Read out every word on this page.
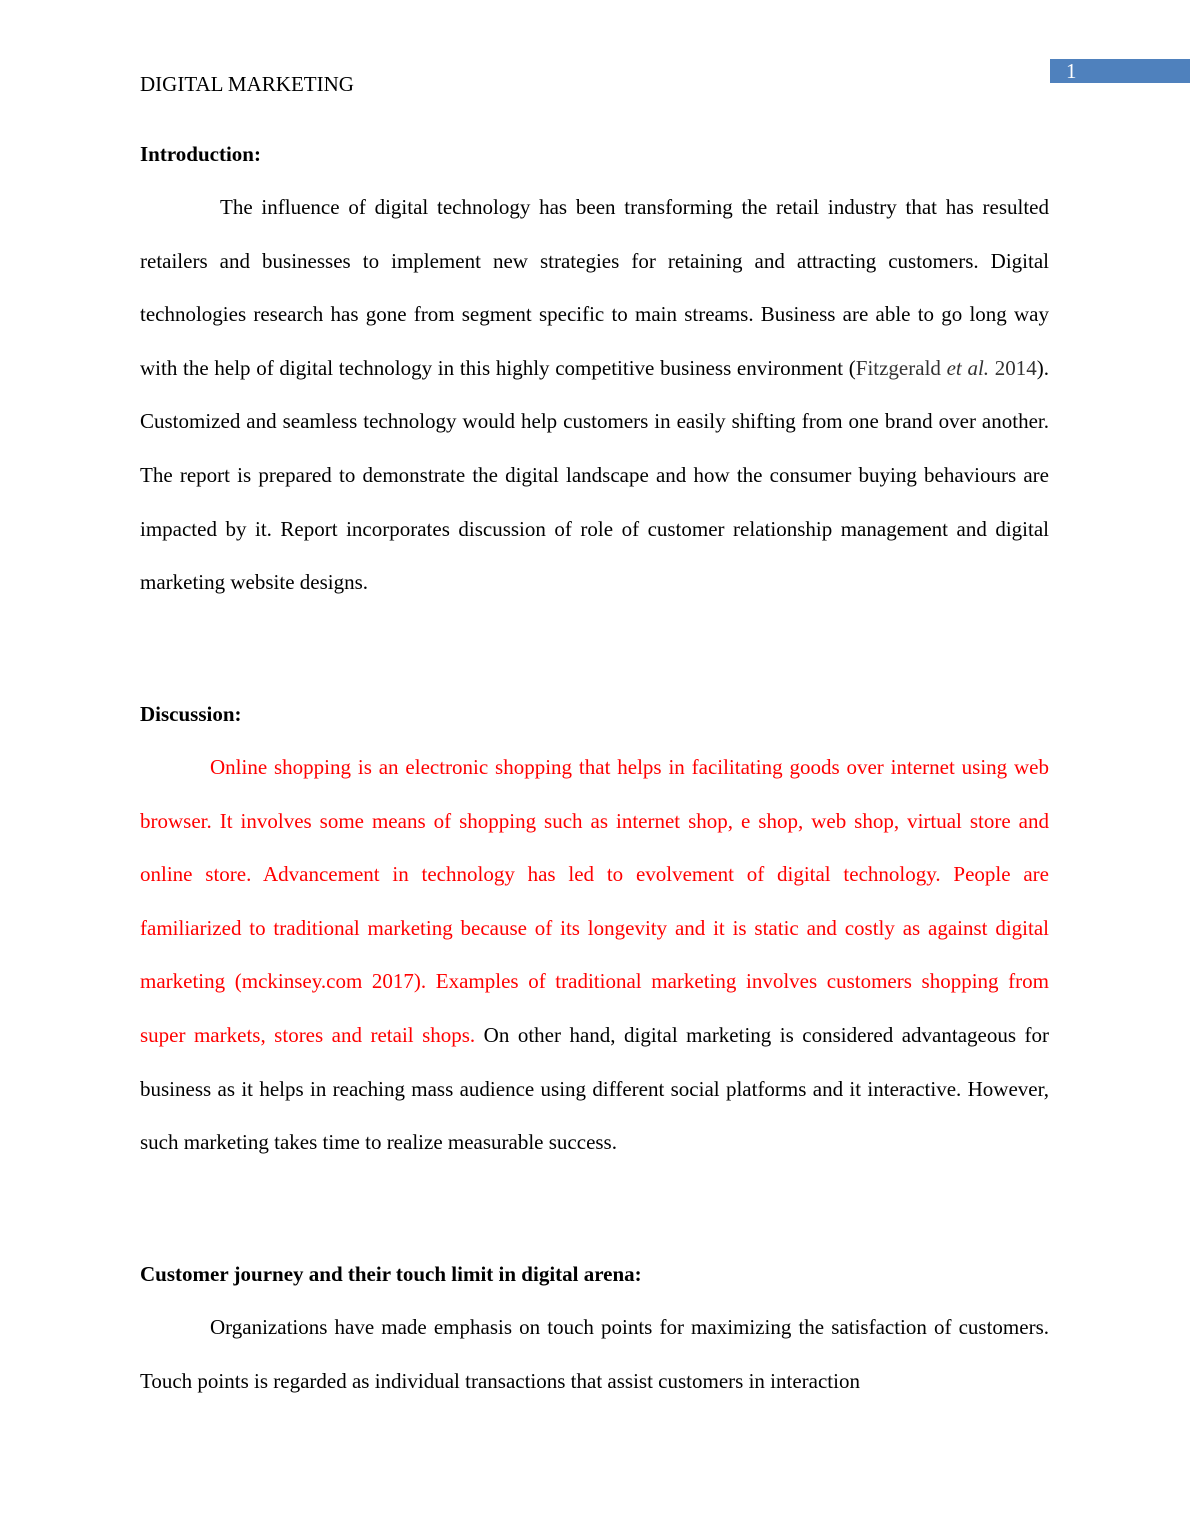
1
DIGITAL MARKETING
Introduction:
The influence of digital technology has been transforming the retail industry that has resulted retailers and businesses to implement new strategies for retaining and attracting customers. Digital technologies research has gone from segment specific to main streams. Business are able to go long way with the help of digital technology in this highly competitive business environment (Fitzgerald et al. 2014). Customized and seamless technology would help customers in easily shifting from one brand over another. The report is prepared to demonstrate the digital landscape and how the consumer buying behaviours are impacted by it. Report incorporates discussion of role of customer relationship management and digital marketing website designs.
Discussion:
Online shopping is an electronic shopping that helps in facilitating goods over internet using web browser. It involves some means of shopping such as internet shop, e shop, web shop, virtual store and online store. Advancement in technology has led to evolvement of digital technology. People are familiarized to traditional marketing because of its longevity and it is static and costly as against digital marketing (mckinsey.com 2017). Examples of traditional marketing involves customers shopping from super markets, stores and retail shops. On other hand, digital marketing is considered advantageous for business as it helps in reaching mass audience using different social platforms and it interactive. However, such marketing takes time to realize measurable success.
Customer journey and their touch limit in digital arena:
Organizations have made emphasis on touch points for maximizing the satisfaction of customers. Touch points is regarded as individual transactions that assist customers in interaction
